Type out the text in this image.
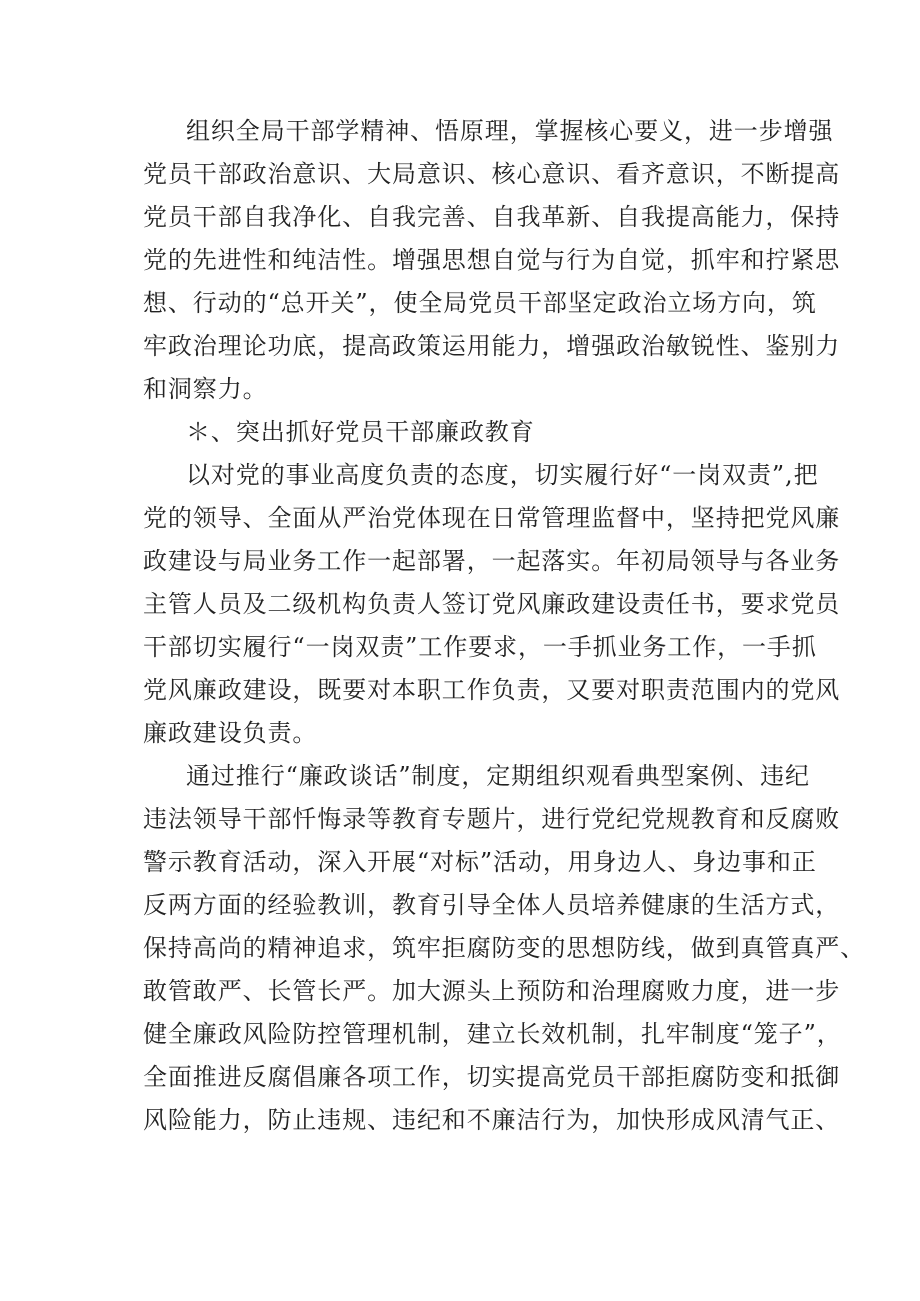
组织全局干部学精神、悟原理，掌握核心要义，进一步增强
党员干部政治意识、大局意识、核心意识、看齐意识，不断提高
党员干部自我净化、自我完善、自我革新、自我提高能力，保持
党的先进性和纯洁性。增强思想自觉与行为自觉，抓牢和拧紧思
想、行动的“总开关”，使全局党员干部坚定政治立场方向，筑
牢政治理论功底，提高政策运用能力，增强政治敏锐性、鉴别力
和洞察力。
＊、突出抓好党员干部廉政教育
以对党的事业高度负责的态度，切实履行好“一岗双责”,把
党的领导、全面从严治党体现在日常管理监督中，坚持把党风廉
政建设与局业务工作一起部署，一起落实。年初局领导与各业务
主管人员及二级机构负责人签订党风廉政建设责任书，要求党员
干部切实履行“一岗双责”工作要求，一手抓业务工作，一手抓
党风廉政建设，既要对本职工作负责，又要对职责范围内的党风
廉政建设负责。
通过推行“廉政谈话”制度，定期组织观看典型案例、违纪
违法领导干部忏悔录等教育专题片，进行党纪党规教育和反腐败
警示教育活动，深入开展“对标”活动，用身边人、身边事和正
反两方面的经验教训，教育引导全体人员培养健康的生活方式，
保持高尚的精神追求，筑牢拒腐防变的思想防线，做到真管真严、
敢管敢严、长管长严。加大源头上预防和治理腐败力度，进一步
健全廉政风险防控管理机制，建立长效机制，扎牢制度“笼子”，
全面推进反腐倡廉各项工作，切实提高党员干部拒腐防变和抵御
风险能力，防止违规、违纪和不廉洁行为，加快形成风清气正、
